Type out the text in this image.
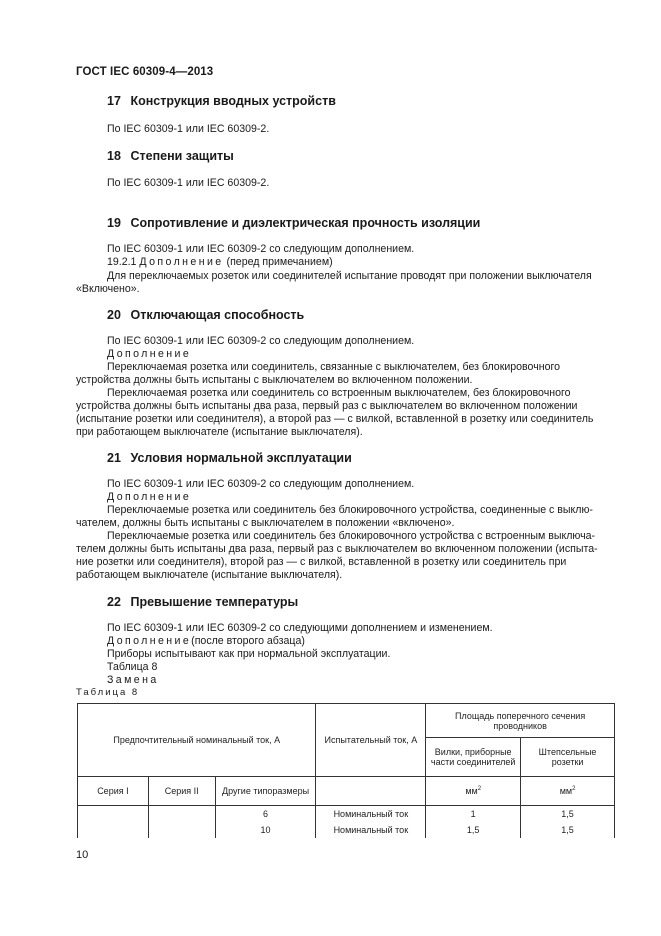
ГОСТ IEC 60309-4—2013
17 Конструкция вводных устройств
По IEC 60309-1 или IEC 60309-2.
18 Степени защиты
По IEC 60309-1 или IEC 60309-2.
19 Сопротивление и диэлектрическая прочность изоляции
По IEC 60309-1 или IEC 60309-2 со следующим дополнением.
19.2.1 Дополнение (перед примечанием)
Для переключаемых розеток или соединителей испытание проводят при положении выключателя
«Включено».
20 Отключающая способность
По IEC 60309-1 или IEC 60309-2 со следующим дополнением.
Дополнение
Переключаемая розетка или соединитель, связанные с выключателем, без блокировочного
устройства должны быть испытаны с выключателем во включенном положении.
Переключаемая розетка или соединитель со встроенным выключателем, без блокировочного
устройства должны быть испытаны два раза, первый раз с выключателем во включенном положении
(испытание розетки или соединителя), а второй раз — с вилкой, вставленной в розетку или соединитель
при работающем выключателе (испытание выключателя).
21 Условия нормальной эксплуатации
По IEC 60309-1 или IEC 60309-2 со следующим дополнением.
Дополнение
Переключаемые розетка или соединитель без блокировочного устройства, соединенные с выклю-
чателем, должны быть испытаны с выключателем в положении «включено».
Переключаемые розетка или соединитель без блокировочного устройства с встроенным выключа-
телем должны быть испытаны два раза, первый раз с выключателем во включенном положении (испыта-
ние розетки или соединителя), второй раз — с вилкой, вставленной в розетку или соединитель при
работающем выключателе (испытание выключателя).
22 Превышение температуры
По IEC 60309-1 или IEC 60309-2 со следующими дополнением и изменением.
Дополнение(после второго абзаца)
Приборы испытывают как при нормальной эксплуатации.
Таблица 8
Замена
Таблица 8
Предпочтительный номинальный ток, А			Испытательный ток, А	Площадь поперечного сечения проводников	
				Вилки, приборные части соединителей	Штепсельные розетки
Серия I	Серия II	Другие типоразмеры		$мм^2$	$мм^2$
		6	Номинальный ток	1	1,5
		10	Номинальный ток	1,5	1,5
10
